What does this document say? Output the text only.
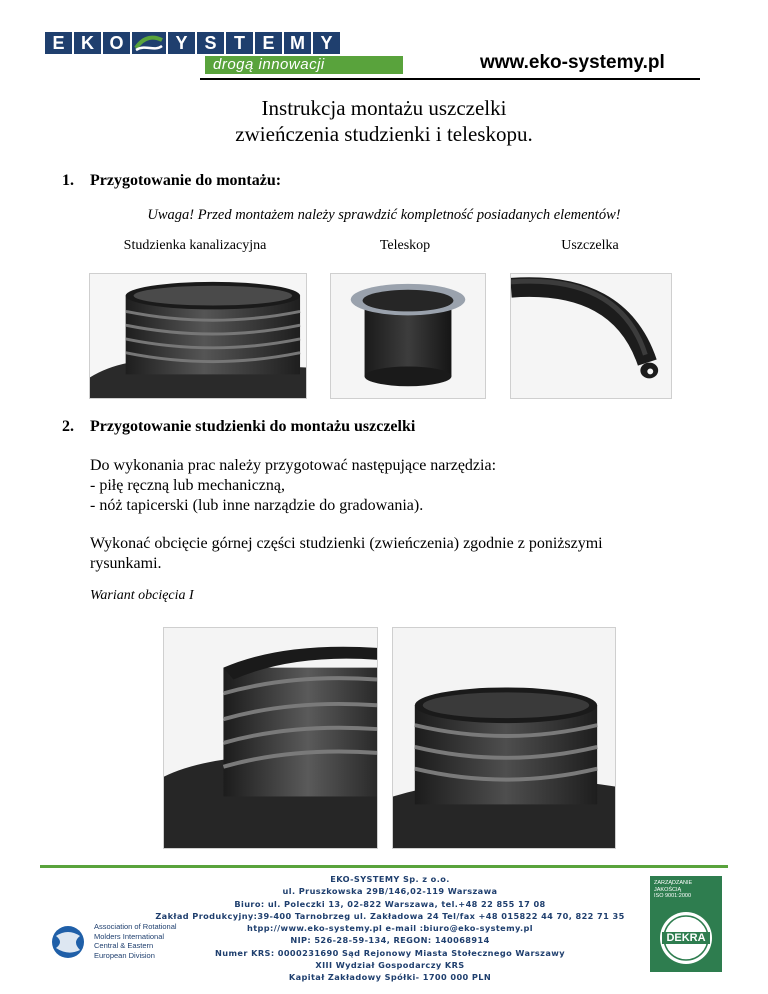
E K O	Y S T E M Y
drogą innowacji	www.eko-systemy.pl
Instrukcja montażu uszczelki
zwieńczenia studzienki i teleskopu.
1. Przygotowanie do montażu:
Uwaga! Przed montażem należy sprawdzić kompletność posiadanych elementów!
Studzienka kanalizacyjna	Teleskop	Uszczelka
2. Przygotowanie studzienki do montażu uszczelki

Do wykonania prac należy przygotować następujące narzędzia:

- piłę ręczną lub mechaniczną,

- nóż tapicerski (lub inne narządzie do gradowania).

Wykonać obcięcie górnej części studzienki (zwieńczenia) zgodnie z poniższymi

rysunkami.

Wariant obcięcia I
Association of Rotational
Molders International
Central & Eastern
European Division
EKO-SYSTEMY Sp. z o.o.
ul. Pruszkowska 29B/146,02-119 Warszawa
Biuro: ul. Poleczki 13, 02-822 Warszawa, tel.+48 22 855 17 08
Zakład Produkcyjny:39-400 Tarnobrzeg ul. Zakładowa 24 Tel/fax +48 015822 44 70, 822 71 35
htpp://www.eko-systemy.pl e-mail :biuro@eko-systemy.pl
NIP: 526-28-59-134, REGON: 140068914
Numer KRS: 0000231690 Sąd Rejonowy Miasta Stołecznego Warszawy
XIII Wydział Gospodarczy KRS
Kapitał Zakładowy Spółki- 1700 000 PLN
ZARZĄDZANIE
JAKOŚCIĄ
ISO 9001:2000
DEKRA
